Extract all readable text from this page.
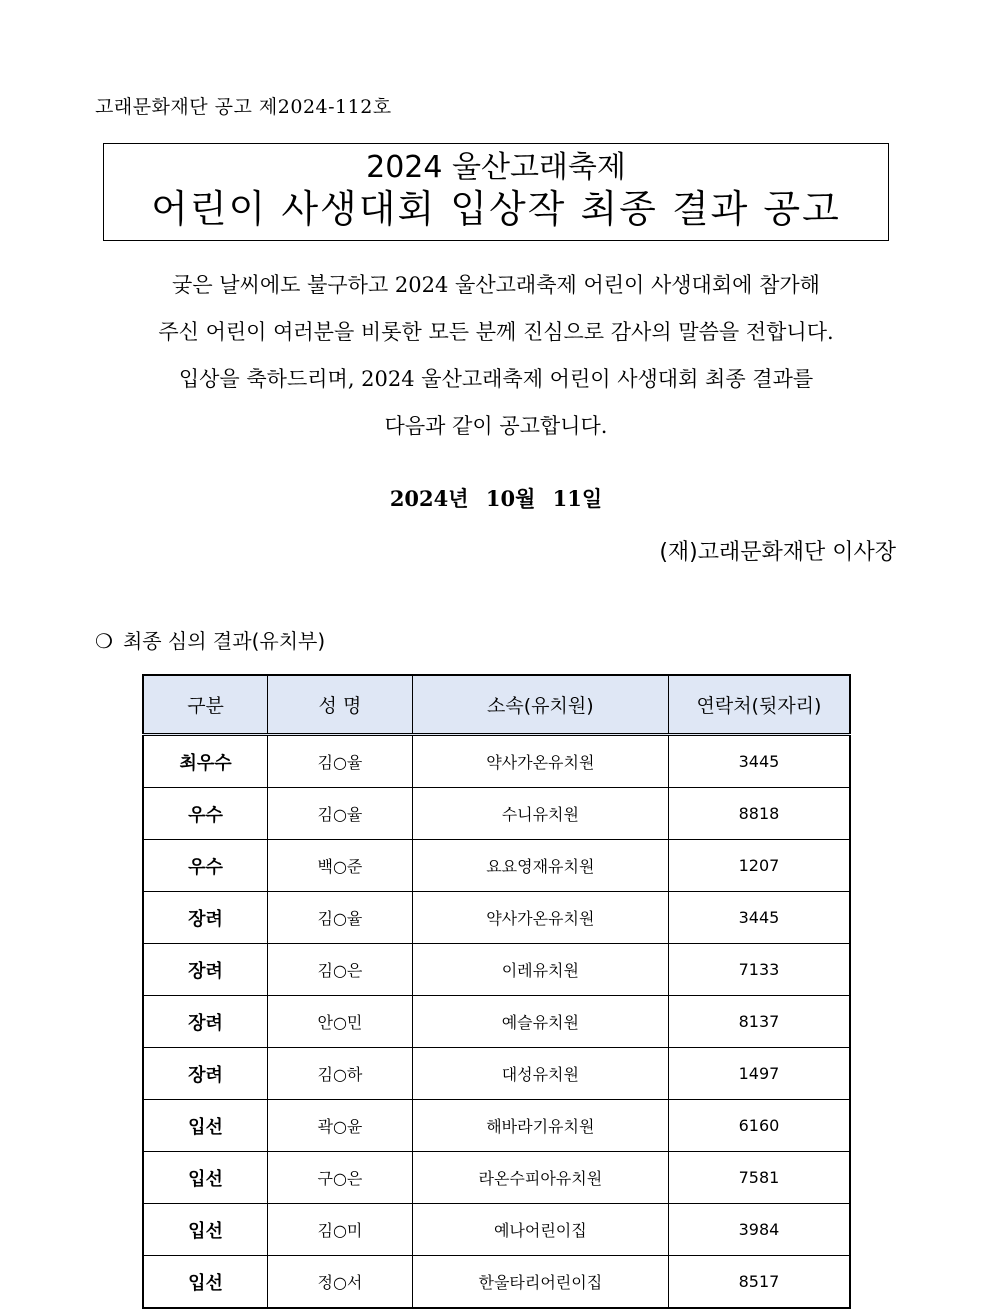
고래문화재단 공고 제2024-112호
2024 울산고래축제
어린이 사생대회 입상작 최종 결과 공고
궂은 날씨에도 불구하고 2024 울산고래축제 어린이 사생대회에 참가해
주신 어린이 여러분을 비롯한 모든 분께 진심으로 감사의 말씀을 전합니다.
입상을 축하드리며, 2024 울산고래축제 어린이 사생대회 최종 결과를
다음과 같이 공고합니다.
2024년 10월 11일
(재)고래문화재단 이사장
❍ 최종 심의 결과(유치부)
구분	성 명	소속(유치원)	연락처(뒷자리)
최우수	김○율	약사가온유치원	3445
우수	김○율	수니유치원	8818
우수	백○준	요요영재유치원	1207
장려	김○율	약사가온유치원	3445
장려	김○은	이레유치원	7133
장려	안○민	예슬유치원	8137
장려	김○하	대성유치원	1497
입선	곽○윤	해바라기유치원	6160
입선	구○은	라온수피아유치원	7581
입선	김○미	예나어린이집	3984
입선	정○서	한울타리어린이집	8517
